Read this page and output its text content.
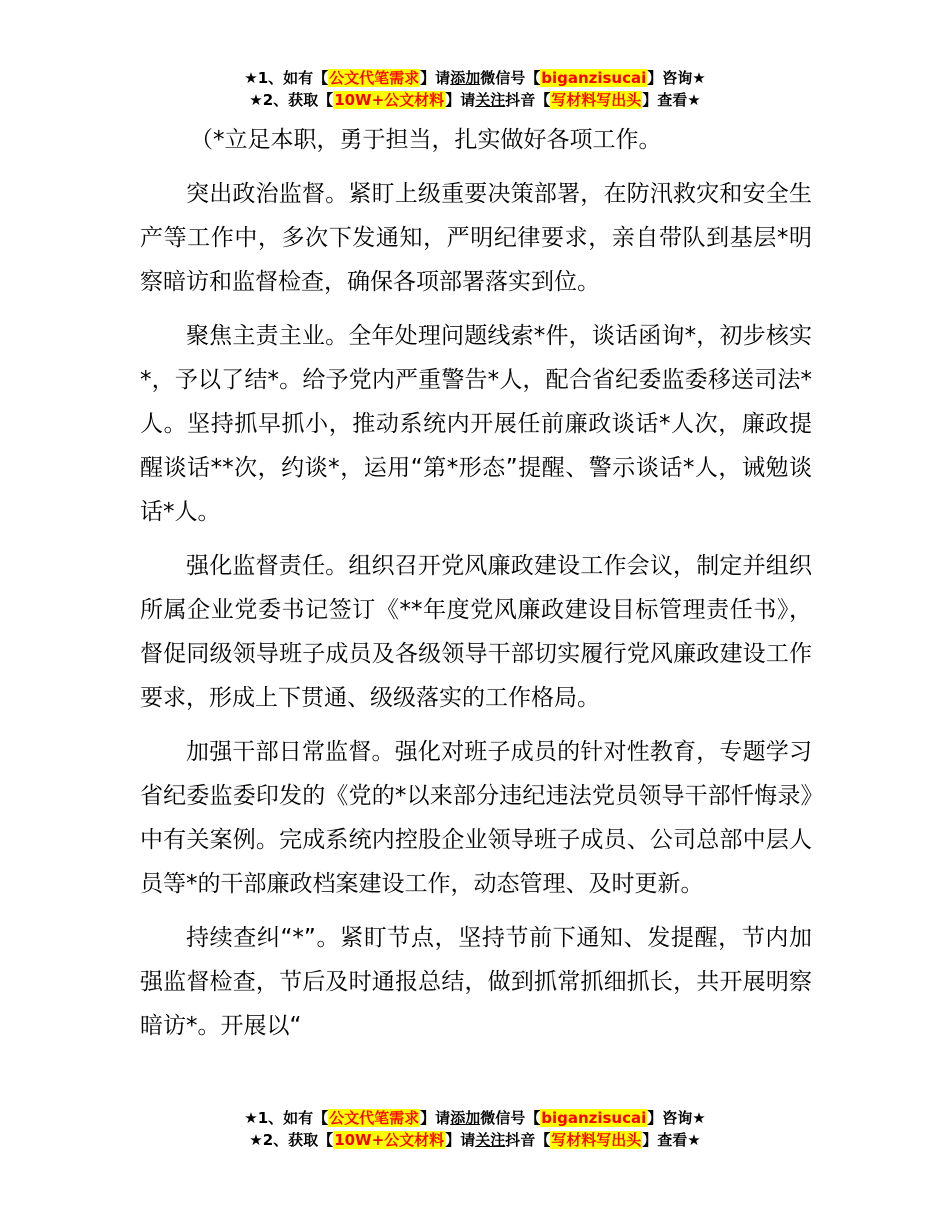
★1、如有【公文代笔需求】请添加微信号【biganzisucai】咨询★
★2、获取【10W+公文材料】请关注抖音【写材料写出头】查看★

（*立足本职，勇于担当，扎实做好各项工作。

突出政治监督。紧盯上级重要决策部署，在防汛救灾和安全生产等工作中，多次下发通知，严明纪律要求，亲自带队到基层*明察暗访和监督检查，确保各项部署落实到位。

聚焦主责主业。全年处理问题线索*件，谈话函询*，初步核实*，予以了结*。给予党内严重警告*人，配合省纪委监委移送司法*人。坚持抓早抓小，推动系统内开展任前廉政谈话*人次，廉政提醒谈话**次，约谈*，运用“第*形态”提醒、警示谈话*人，诫勉谈话*人。

强化监督责任。组织召开党风廉政建设工作会议，制定并组织所属企业党委书记签订《**年度党风廉政建设目标管理责任书》，督促同级领导班子成员及各级领导干部切实履行党风廉政建设工作要求，形成上下贯通、级级落实的工作格局。

加强干部日常监督。强化对班子成员的针对性教育，专题学习省纪委监委印发的《党的*以来部分违纪违法党员领导干部忏悔录》中有关案例。完成系统内控股企业领导班子成员、公司总部中层人员等*的干部廉政档案建设工作，动态管理、及时更新。

持续查纠“*”。紧盯节点，坚持节前下通知、发提醒，节内加强监督检查，节后及时通报总结，做到抓常抓细抓长，共开展明察暗访*。开展以“

★1、如有【公文代笔需求】请添加微信号【biganzisucai】咨询★
★2、获取【10W+公文材料】请关注抖音【写材料写出头】查看★
